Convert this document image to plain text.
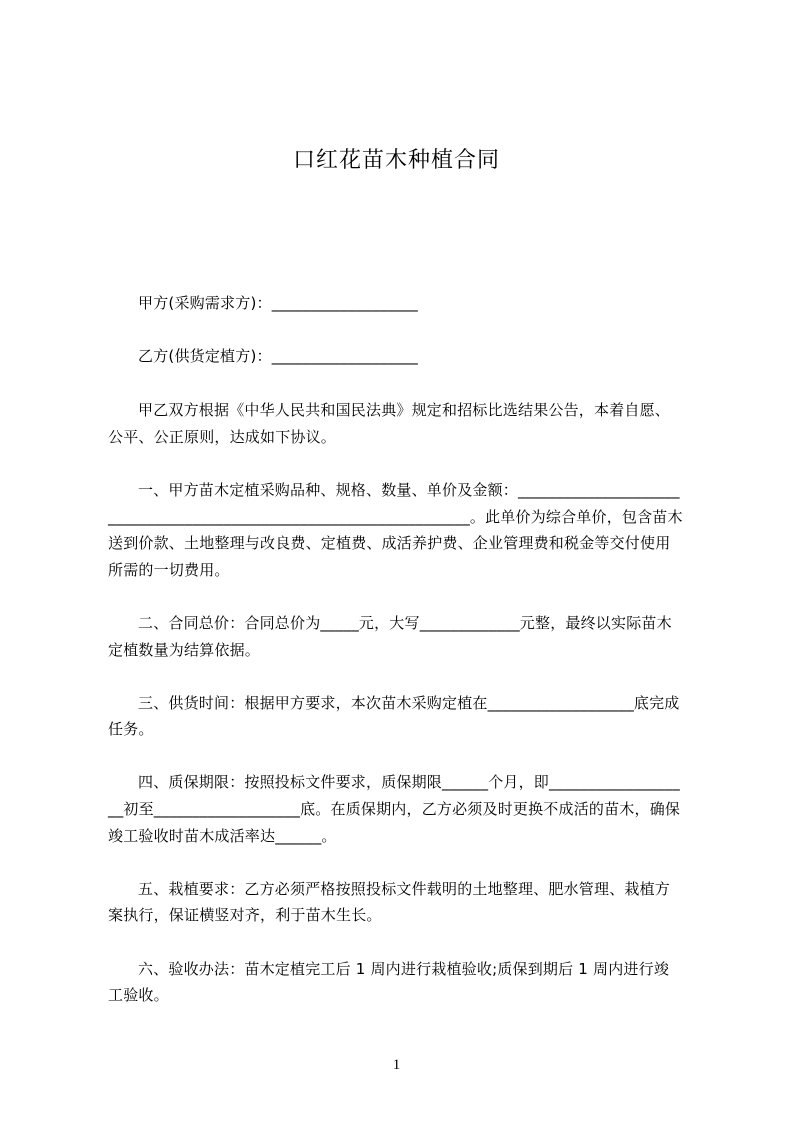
口红花苗木种植合同
甲方(采购需求方)：___________________
乙方(供货定植方)：___________________
甲乙双方根据《中华人民共和国民法典》规定和招标比选结果公告，本着自愿、
公平、公正原则，达成如下协议。
一、甲方苗木定植采购品种、规格、数量、单价及金额：_____________________
_______________________________________________。此单价为综合单价，包含苗木
送到价款、土地整理与改良费、定植费、成活养护费、企业管理费和税金等交付使用
所需的一切费用。
二、合同总价：合同总价为_____元，大写_____________元整，最终以实际苗木
定植数量为结算依据。
三、供货时间：根据甲方要求，本次苗木采购定植在___________________底完成
任务。
四、质保期限：按照投标文件要求，质保期限______个月，即_________________
__初至___________________底。在质保期内，乙方必须及时更换不成活的苗木，确保
竣工验收时苗木成活率达______。
五、栽植要求：乙方必须严格按照投标文件载明的土地整理、肥水管理、栽植方
案执行，保证横竖对齐，利于苗木生长。
六、验收办法：苗木定植完工后 1 周内进行栽植验收;质保到期后 1 周内进行竣
工验收。
1
